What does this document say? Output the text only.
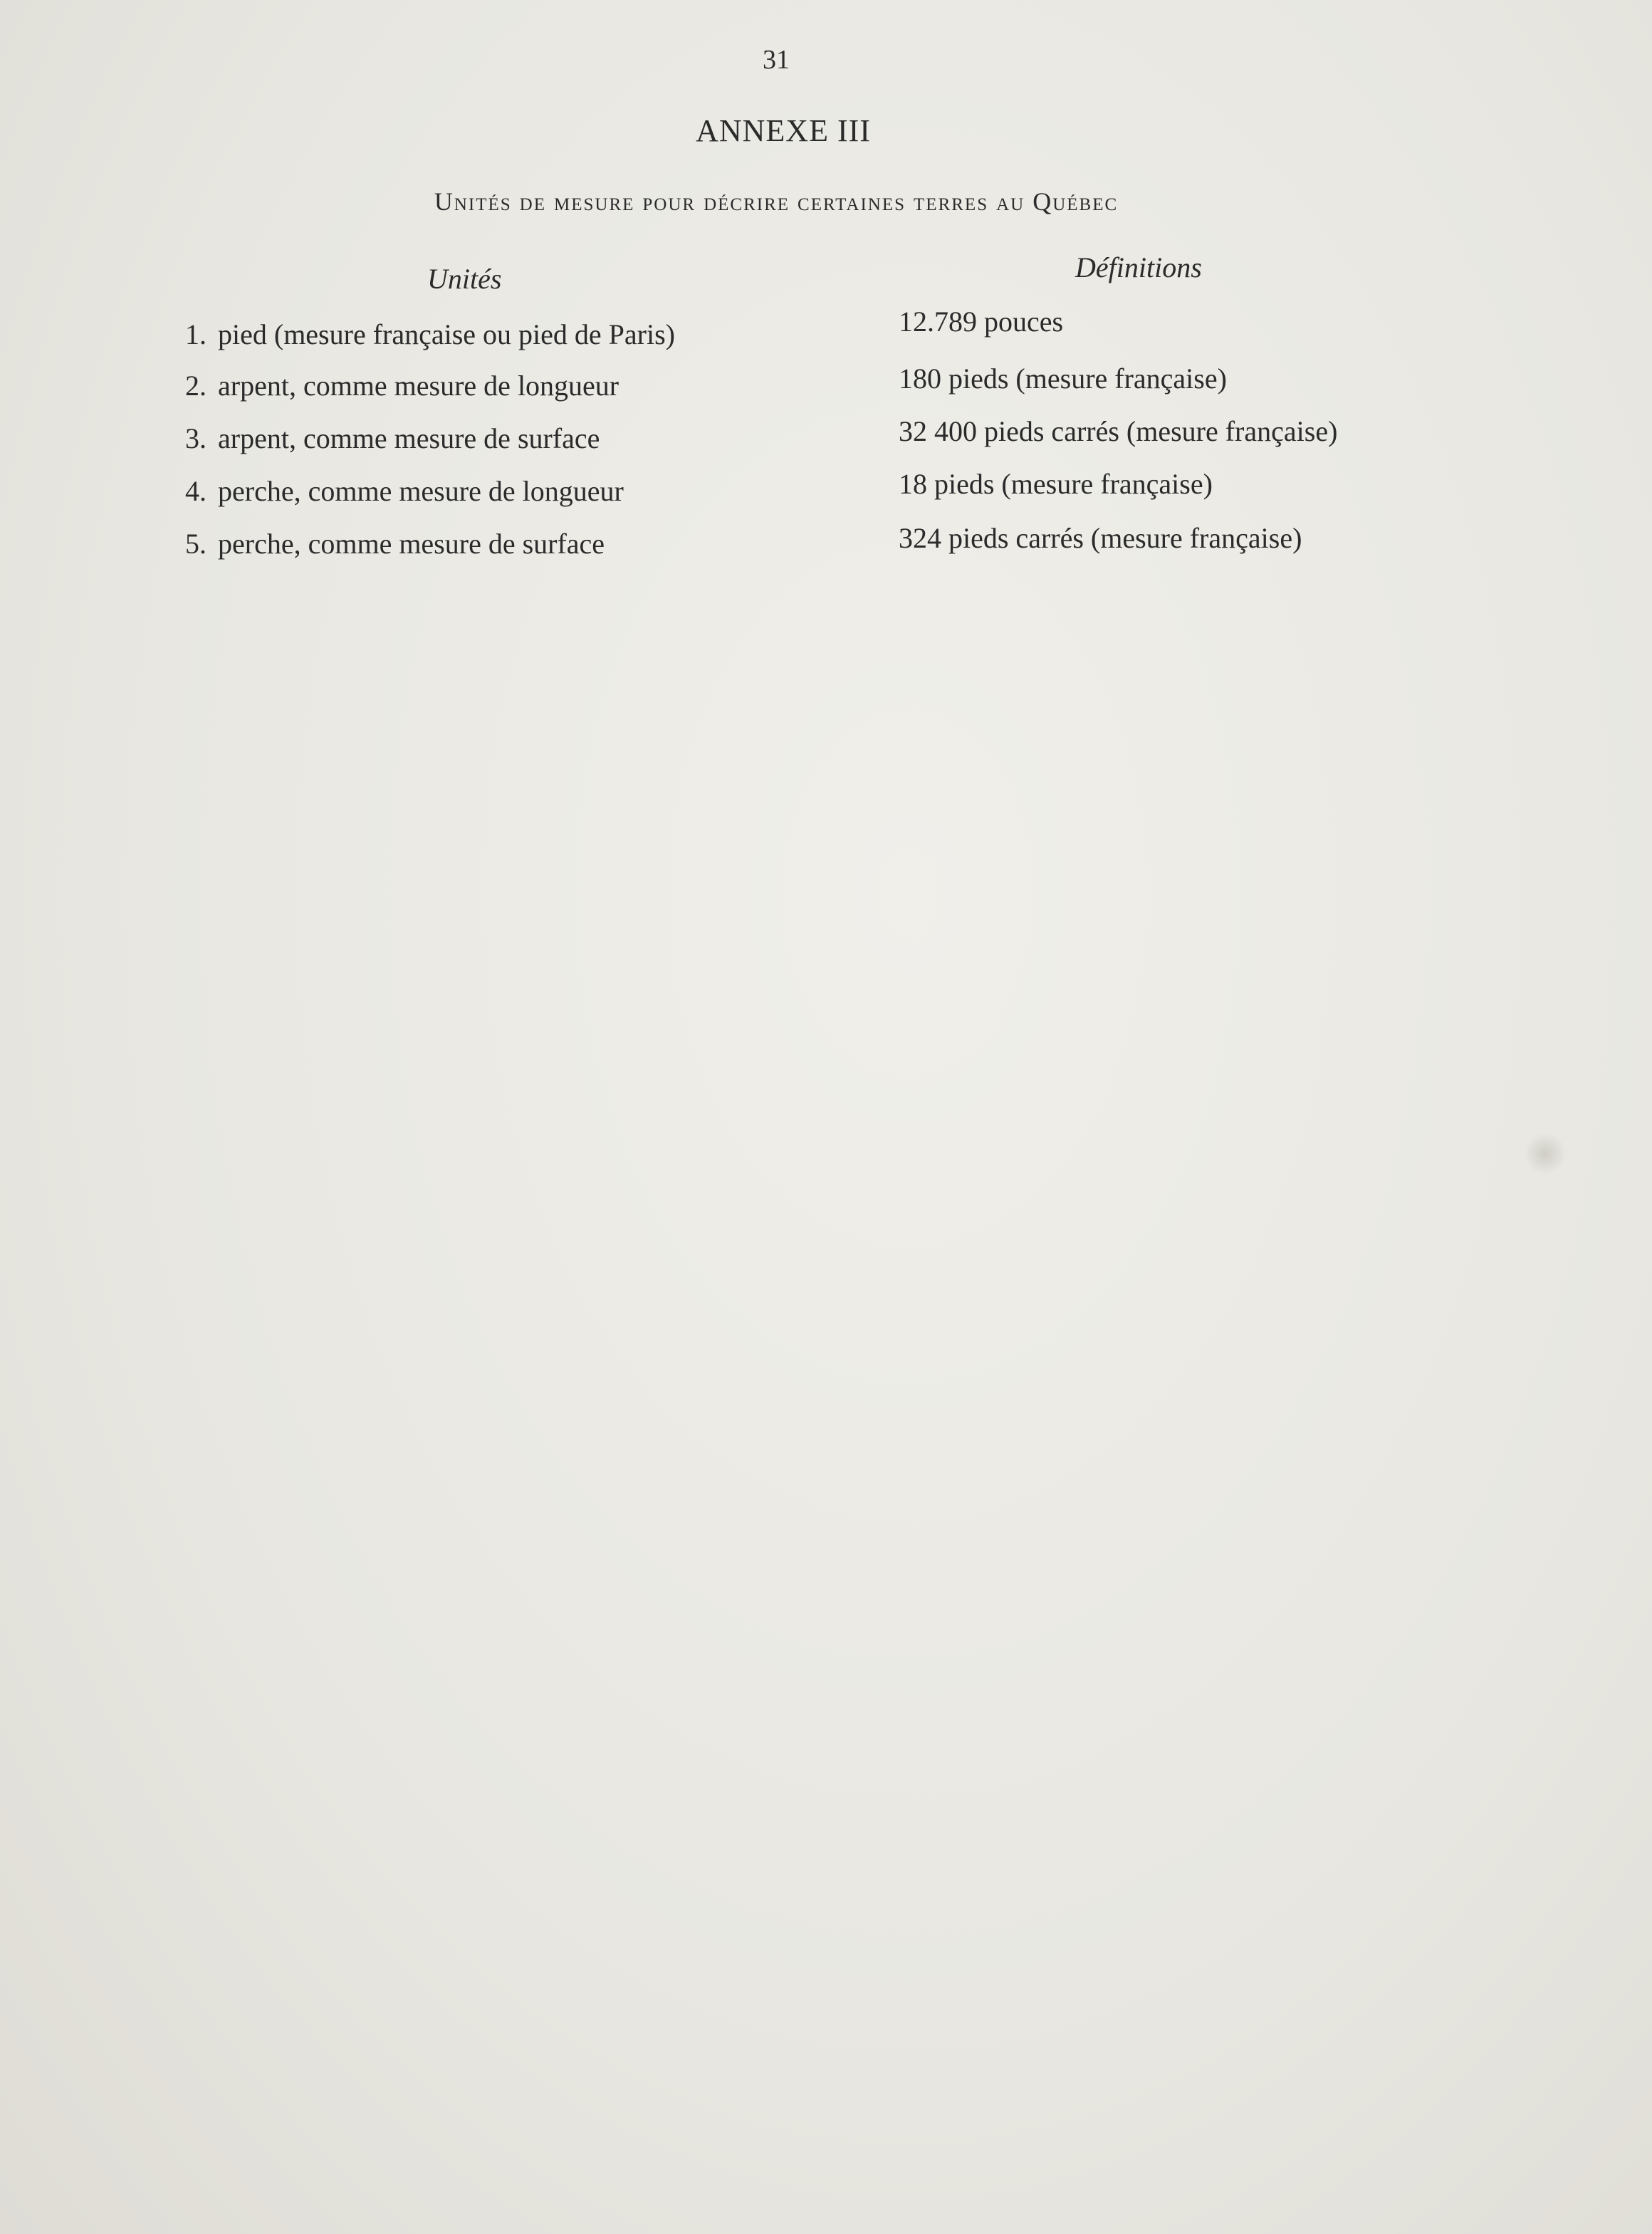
31
ANNEXE III
Unités de mesure pour décrire certaines terres au Québec
Unités	Définitions
1. pied (mesure française ou pied de Paris)	12.789 pouces
2. arpent, comme mesure de longueur	180 pieds (mesure française)
3. arpent, comme mesure de surface	32 400 pieds carrés (mesure française)
4. perche, comme mesure de longueur	18 pieds (mesure française)
5. perche, comme mesure de surface	324 pieds carrés (mesure française)
